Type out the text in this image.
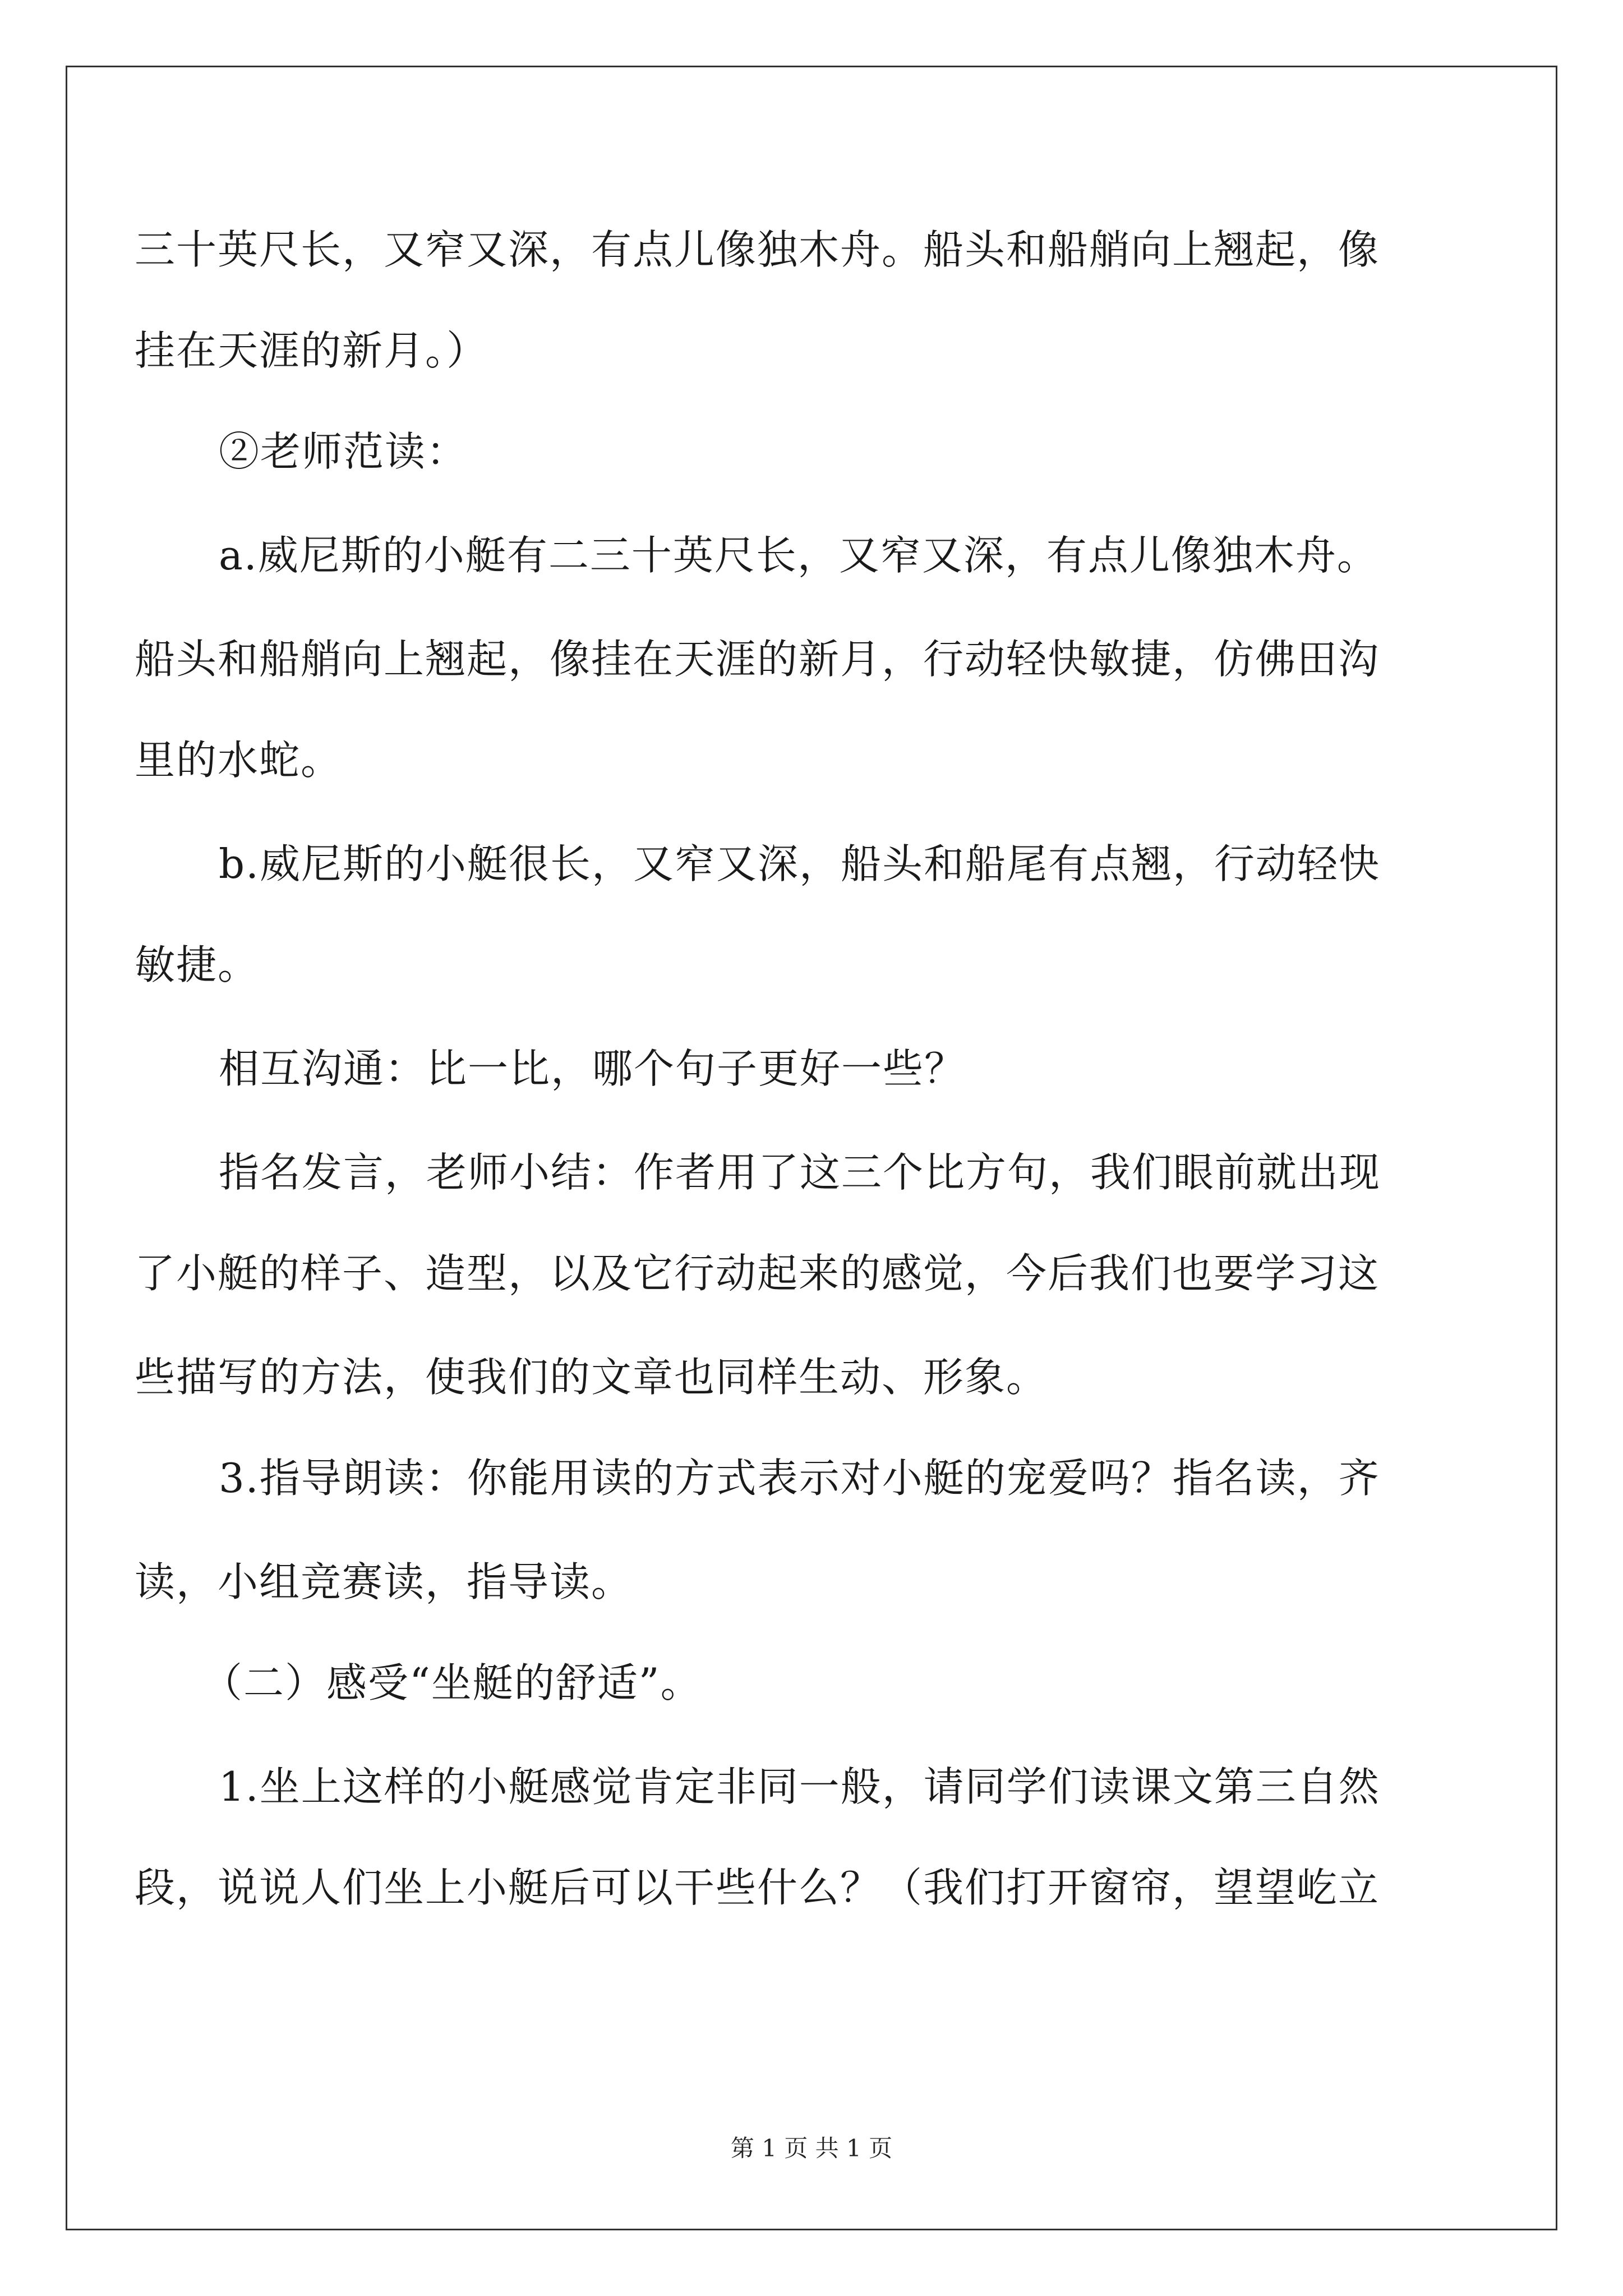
三十英尺长，又窄又深，有点儿像独木舟。船头和船艄向上翘起，像
挂在天涯的新月。）
②老师范读：
a.威尼斯的小艇有二三十英尺长，又窄又深，有点儿像独木舟。
船头和船艄向上翘起，像挂在天涯的新月，行动轻快敏捷，仿佛田沟
里的水蛇。
b.威尼斯的小艇很长，又窄又深，船头和船尾有点翘，行动轻快
敏捷。
相互沟通：比一比，哪个句子更好一些？
指名发言，老师小结：作者用了这三个比方句，我们眼前就出现
了小艇的样子、造型，以及它行动起来的感觉，今后我们也要学习这
些描写的方法，使我们的文章也同样生动、形象。
3.指导朗读：你能用读的方式表示对小艇的宠爱吗？指名读，齐
读，小组竞赛读，指导读。
（二）感受“坐艇的舒适”。
1.坐上这样的小艇感觉肯定非同一般，请同学们读课文第三自然
段，说说人们坐上小艇后可以干些什么？（我们打开窗帘，望望屹立
第 1 页 共 1 页
